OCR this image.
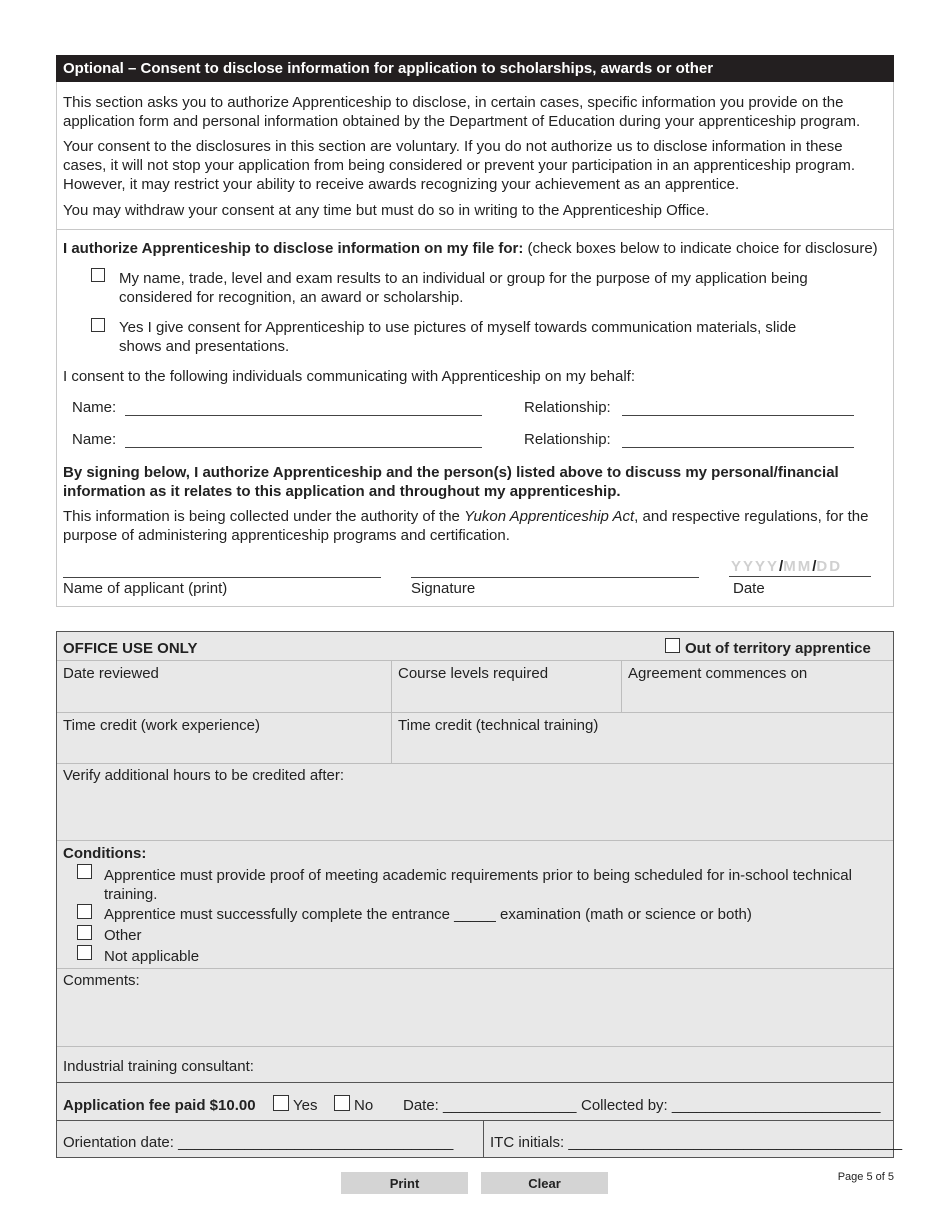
Optional – Consent to disclose information for application to scholarships, awards or other
This section asks you to authorize Apprenticeship to disclose, in certain cases, specific information you provide on the application form and personal information obtained by the Department of Education during your apprenticeship program.
Your consent to the disclosures in this section are voluntary. If you do not authorize us to disclose information in these cases, it will not stop your application from being considered or prevent your participation in an apprenticeship program. However, it may restrict your ability to receive awards recognizing your achievement as an apprentice.
You may withdraw your consent at any time but must do so in writing to the Apprenticeship Office.
I authorize Apprenticeship to disclose information on my file for: (check boxes below to indicate choice for disclosure)
My name, trade, level and exam results to an individual or group for the purpose of my application being considered for recognition, an award or scholarship.
Yes I give consent for Apprenticeship to use pictures of myself towards communication materials, slide shows and presentations.
I consent to the following individuals communicating with Apprenticeship on my behalf:
Name:	Relationship:
Name:	Relationship:
By signing below, I authorize Apprenticeship and the person(s) listed above to discuss my personal/financial information as it relates to this application and throughout my apprenticeship.
This information is being collected under the authority of the Yukon Apprenticeship Act, and respective regulations, for the purpose of administering apprenticeship programs and certification.
YYYY/MM/DD
Name of applicant (print)	Signature	Date
OFFICE USE ONLY	Out of territory apprentice
Date reviewed	Course levels required	Agreement commences on
Time credit (work experience)	Time credit (technical training)
Verify additional hours to be credited after:
Conditions:
Apprentice must provide proof of meeting academic requirements prior to being scheduled for in-school technical training.
Apprentice must successfully complete the entrance _____ examination (math or science or both)
Other
Not applicable
Comments:
Industrial training consultant:
Application fee paid $10.00 Yes No Date: ________________ Collected by: _________________________
Orientation date: _________________________________ ITC initials: ________________________________________
Print	Clear	Page 5 of 5
